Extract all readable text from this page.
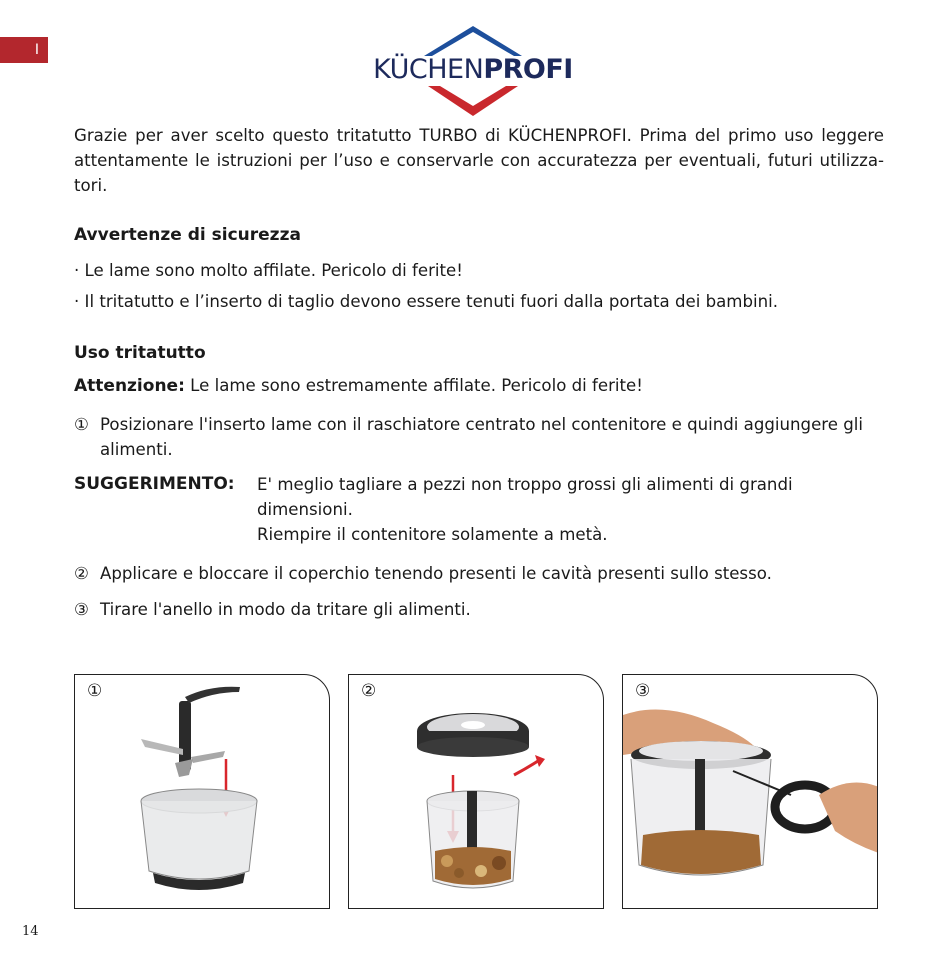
I
KÜCHENPROFI
Grazie per aver scelto questo tritatutto TURBO di KÜCHENPROFI. Prima del primo uso leggere attentamente le istruzioni per l’uso e conservarle con accuratezza per eventuali, futuri utilizza-tori.
Avvertenze di sicurezza
· Le lame sono molto affilate. Pericolo di ferite!
· Il tritatutto e l’inserto di taglio devono essere tenuti fuori dalla portata dei bambini.
Uso tritatutto
Attenzione: Le lame sono estremamente affilate. Pericolo di ferite!
① Posizionare l'inserto lame con il raschiatore centrato nel contenitore e quindi aggiungere gli alimenti.
SUGGERIMENTO: E' meglio tagliare a pezzi non troppo grossi gli alimenti di grandi dimensioni.
Riempire il contenitore solamente a metà.
② Applicare e bloccare il coperchio tenendo presenti le cavità presenti sullo stesso.
③ Tirare l'anello in modo da tritare gli alimenti.
①	②	③
14
